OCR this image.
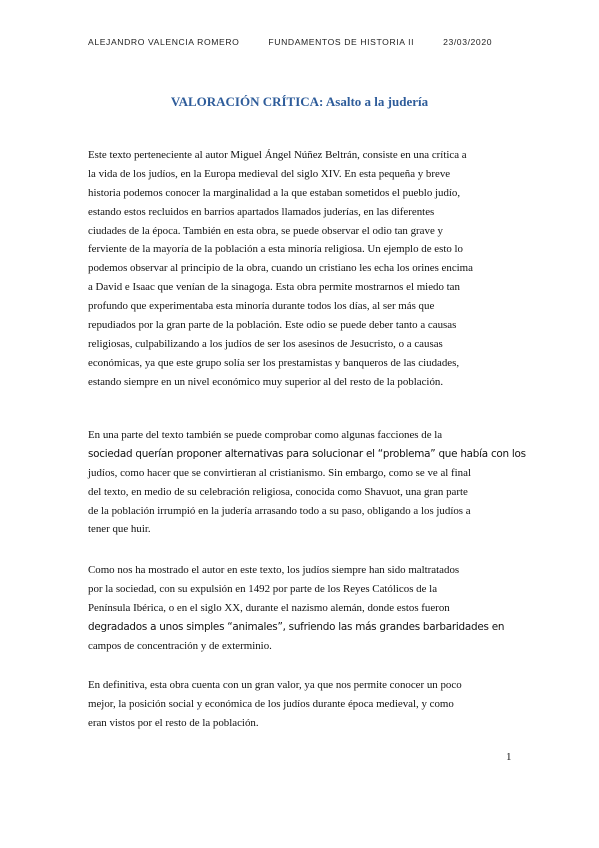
ALEJANDRO VALENCIA ROMERO	FUNDAMENTOS DE HISTORIA II	23/03/2020
VALORACIÓN CRÍTICA: Asalto a la judería
Este texto perteneciente al autor Miguel Ángel Núñez Beltrán, consiste en una crítica a
la vida de los judíos, en la Europa medieval del siglo XIV. En esta pequeña y breve
historia podemos conocer la marginalidad a la que estaban sometidos el pueblo judío,
estando estos recluidos en barrios apartados llamados juderías, en las diferentes
ciudades de la época. También en esta obra, se puede observar el odio tan grave y
ferviente de la mayoría de la población a esta minoría religiosa. Un ejemplo de esto lo
podemos observar al principio de la obra, cuando un cristiano les echa los orines encima
a David e Isaac que venían de la sinagoga. Esta obra permite mostrarnos el miedo tan
profundo que experimentaba esta minoría durante todos los días, al ser más que
repudiados por la gran parte de la población. Este odio se puede deber tanto a causas
religiosas, culpabilizando a los judíos de ser los asesinos de Jesucristo, o a causas
económicas, ya que este grupo solía ser los prestamistas y banqueros de las ciudades,
estando siempre en un nivel económico muy superior al del resto de la población.
En una parte del texto también se puede comprobar como algunas facciones de la
sociedad querían proponer alternativas para solucionar el “problema” que había con los
judíos, como hacer que se convirtieran al cristianismo. Sin embargo, como se ve al final
del texto, en medio de su celebración religiosa, conocida como Shavuot, una gran parte
de la población irrumpió en la judería arrasando todo a su paso, obligando a los judíos a
tener que huir.
Como nos ha mostrado el autor en este texto, los judíos siempre han sido maltratados
por la sociedad, con su expulsión en 1492 por parte de los Reyes Católicos de la
Península Ibérica, o en el siglo XX, durante el nazismo alemán, donde estos fueron
degradados a unos simples “animales”, sufriendo las más grandes barbaridades en
campos de concentración y de exterminio.
En definitiva, esta obra cuenta con un gran valor, ya que nos permite conocer un poco
mejor, la posición social y económica de los judíos durante época medieval, y como
eran vistos por el resto de la población.
1
